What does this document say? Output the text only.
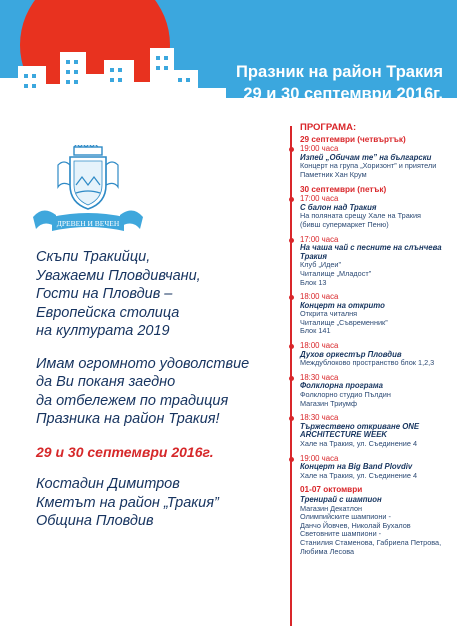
Празник на район Тракия
29 и 30 септември 2016г.
ДРЕВЕН И ВЕЧЕН

Скъпи Тракийци,
Уважаеми Пловдивчани,
Гости на Пловдив –
Европейска столица
на културата 2019

Имам огромното удоволствие
да Ви поканя заедно
да отбележем по традиция
Празника на район Тракия!

29 и 30 септември 2016г.

Костадин Димитров
Кметът на район „Тракия”
Община Пловдив

ПРОГРАМА:
29 септември (четвъртък)
19:00 часа
Изпей „Обичам те” на български
Концерт на група „Хоризонт” и приятели
Паметник Хан Крум
30 септември (петък)
17:00 часа
С балон над Тракия
На поляната срещу Хале на Тракия
(бивш супермаркет Пеню)
17:00 часа
На чаша чай с песните на слънчева Тракия
Клуб „Идеи”
Читалище „Младост”
Блок 13
18:00 часа
Концерт на открито
Открита читалня
Читалище „Съвременник”
Блок 141
18:00 часа
Духов оркестър Пловдив
Междублоково пространство блок 1,2,3
18:30 часа
Фолклорна програма
Фолклорно студио Пълдин
Магазин Триумф
18:30 часа
Тържествено откриване ONE ARCHITECTURE WEEK
Хале на Тракия, ул. Съединение 4
19:00 часа
Концерт на Big Band Plovdiv
Хале на Тракия, ул. Съединение 4
01-07 октомври
Тренирай с шампион
Магазин Декатлон
Олимпийските шампиони -
Данчо Йовчев, Николай Бухалов
Световните шампиони -
Станилия Стаменова, Габриела Петрова,
Любима Лесова
